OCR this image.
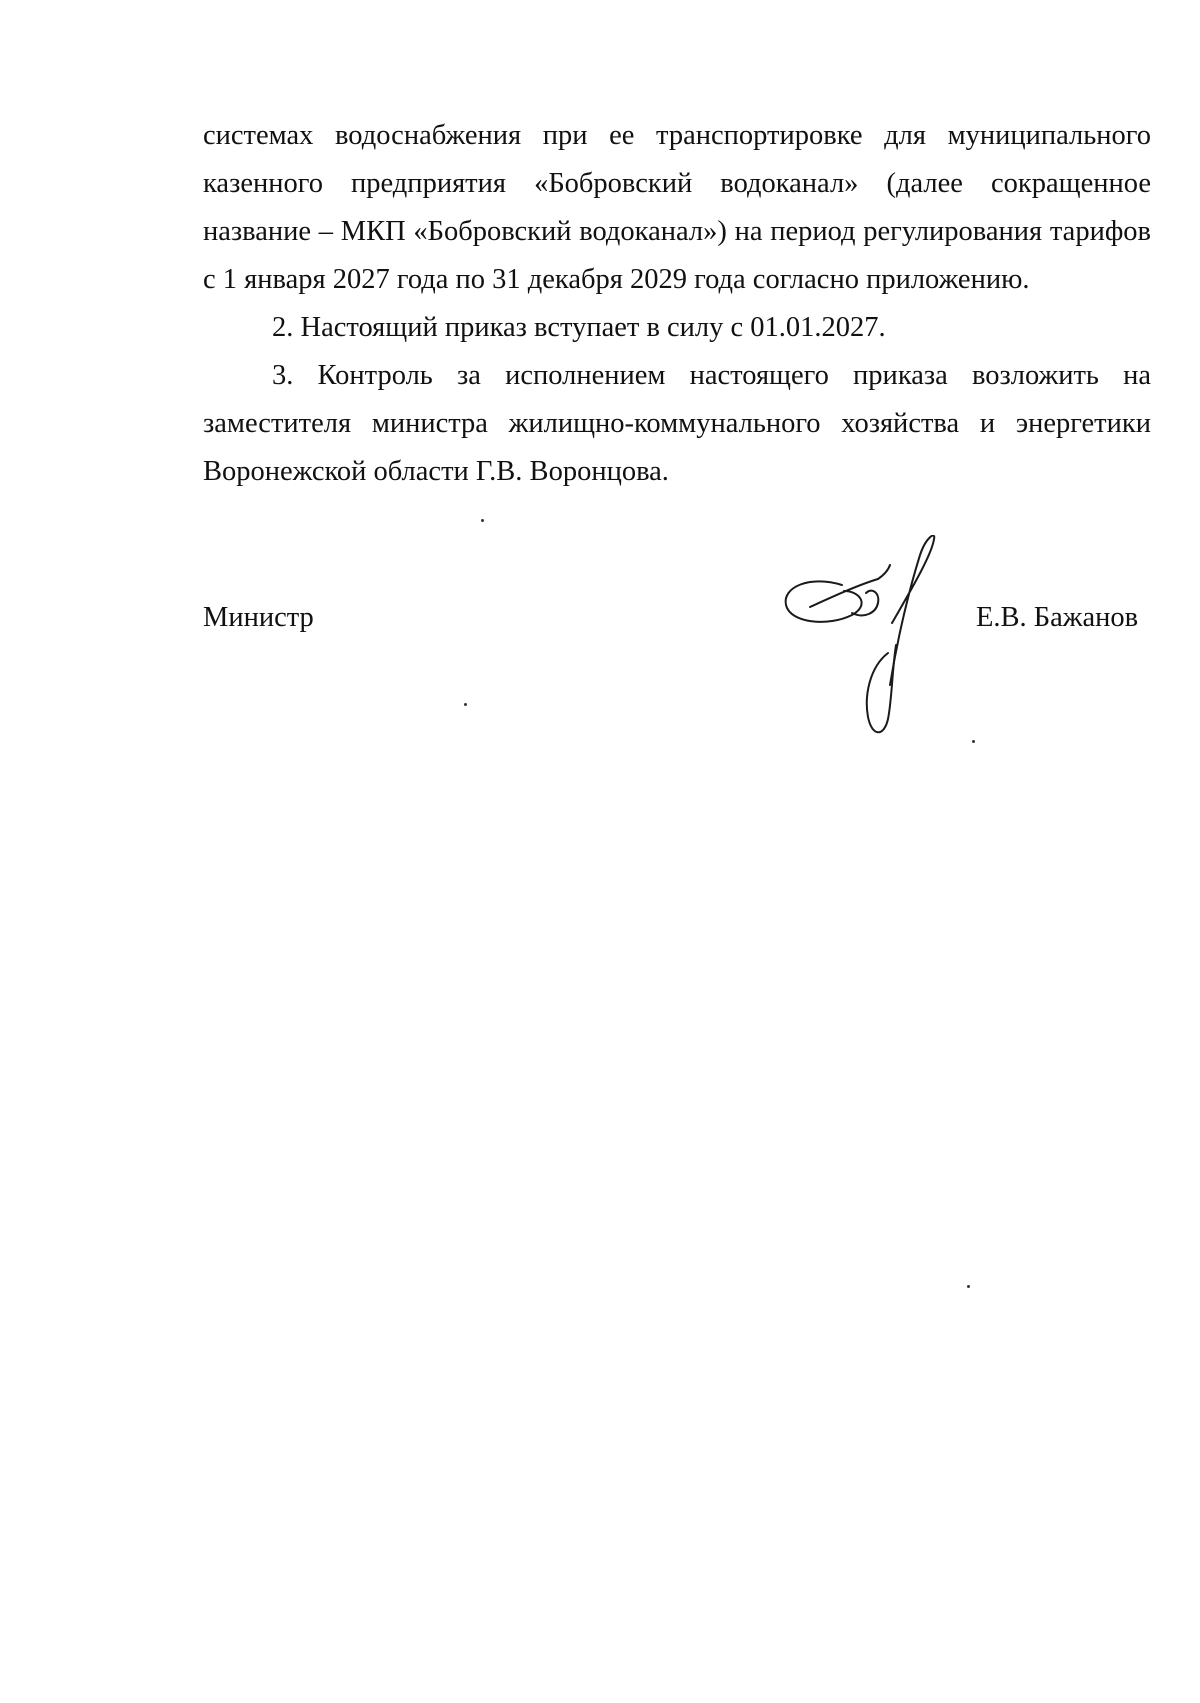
системах водоснабжения при ее транспортировке для муниципального казенного предприятия «Бобровский водоканал» (далее сокращенное название – МКП «Бобровский водоканал») на период регулирования тарифов с 1 января 2027 года по 31 декабря 2029 года согласно приложению.

2. Настоящий приказ вступает в силу с 01.01.2027.

3. Контроль за исполнением настоящего приказа возложить на заместителя министра жилищно-коммунального хозяйства и энергетики Воронежской области Г.В. Воронцова.

Министр	Е.В. Бажанов
